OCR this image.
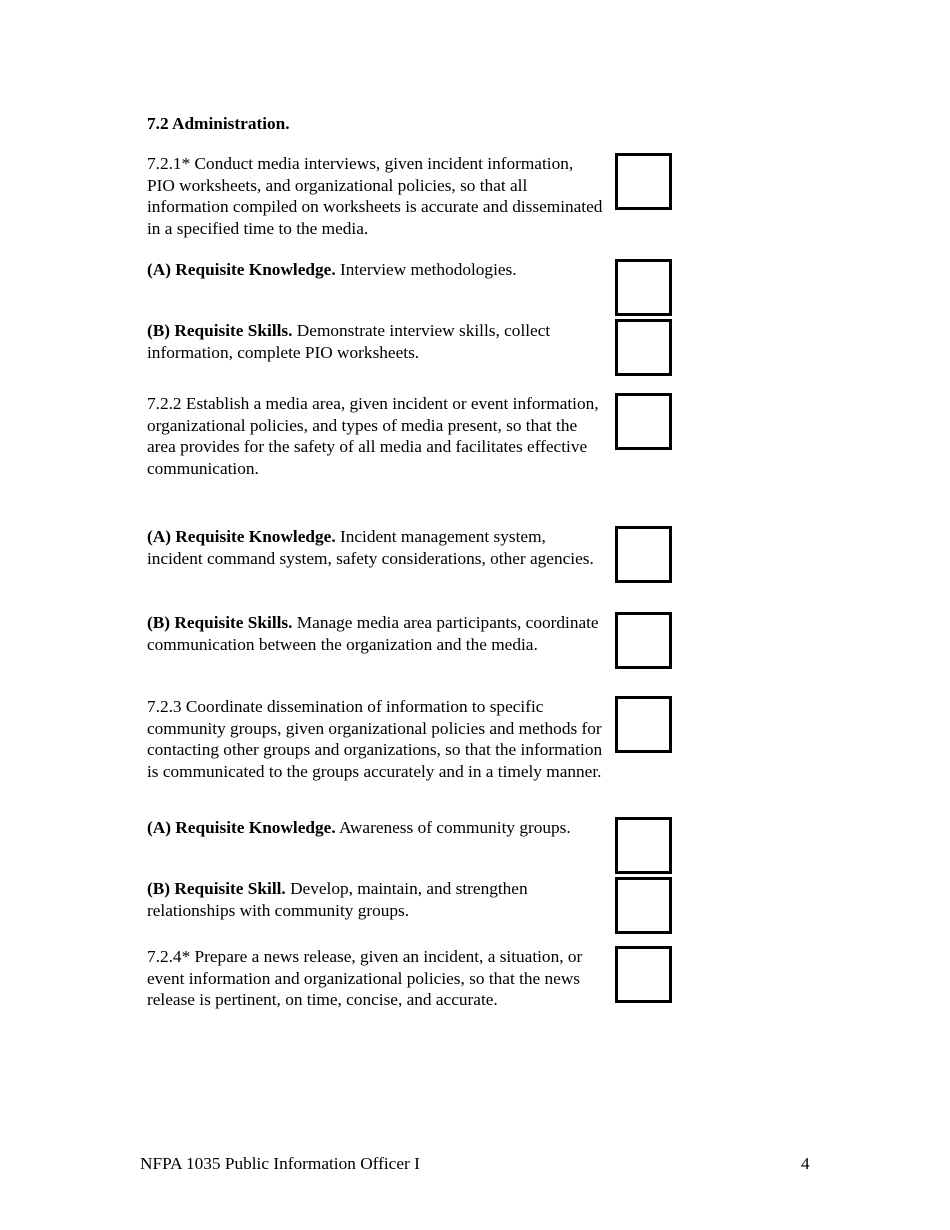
7.2 Administration.

7.2.1* Conduct media interviews, given incident information, PIO worksheets, and organizational policies, so that all information compiled on worksheets is accurate and disseminated in a specified time to the media.

(A) Requisite Knowledge. Interview methodologies.

(B) Requisite Skills. Demonstrate interview skills, collect information, complete PIO worksheets.

7.2.2 Establish a media area, given incident or event information, organizational policies, and types of media present, so that the area provides for the safety of all media and facilitates effective communication.

(A) Requisite Knowledge. Incident management system, incident command system, safety considerations, other agencies.

(B) Requisite Skills. Manage media area participants, coordinate communication between the organization and the media.

7.2.3 Coordinate dissemination of information to specific community groups, given organizational policies and methods for contacting other groups and organizations, so that the information is communicated to the groups accurately and in a timely manner.

(A) Requisite Knowledge. Awareness of community groups.

(B) Requisite Skill. Develop, maintain, and strengthen relationships with community groups.

7.2.4* Prepare a news release, given an incident, a situation, or event information and organizational policies, so that the news release is pertinent, on time, concise, and accurate.

NFPA 1035 Public Information Officer I	4
